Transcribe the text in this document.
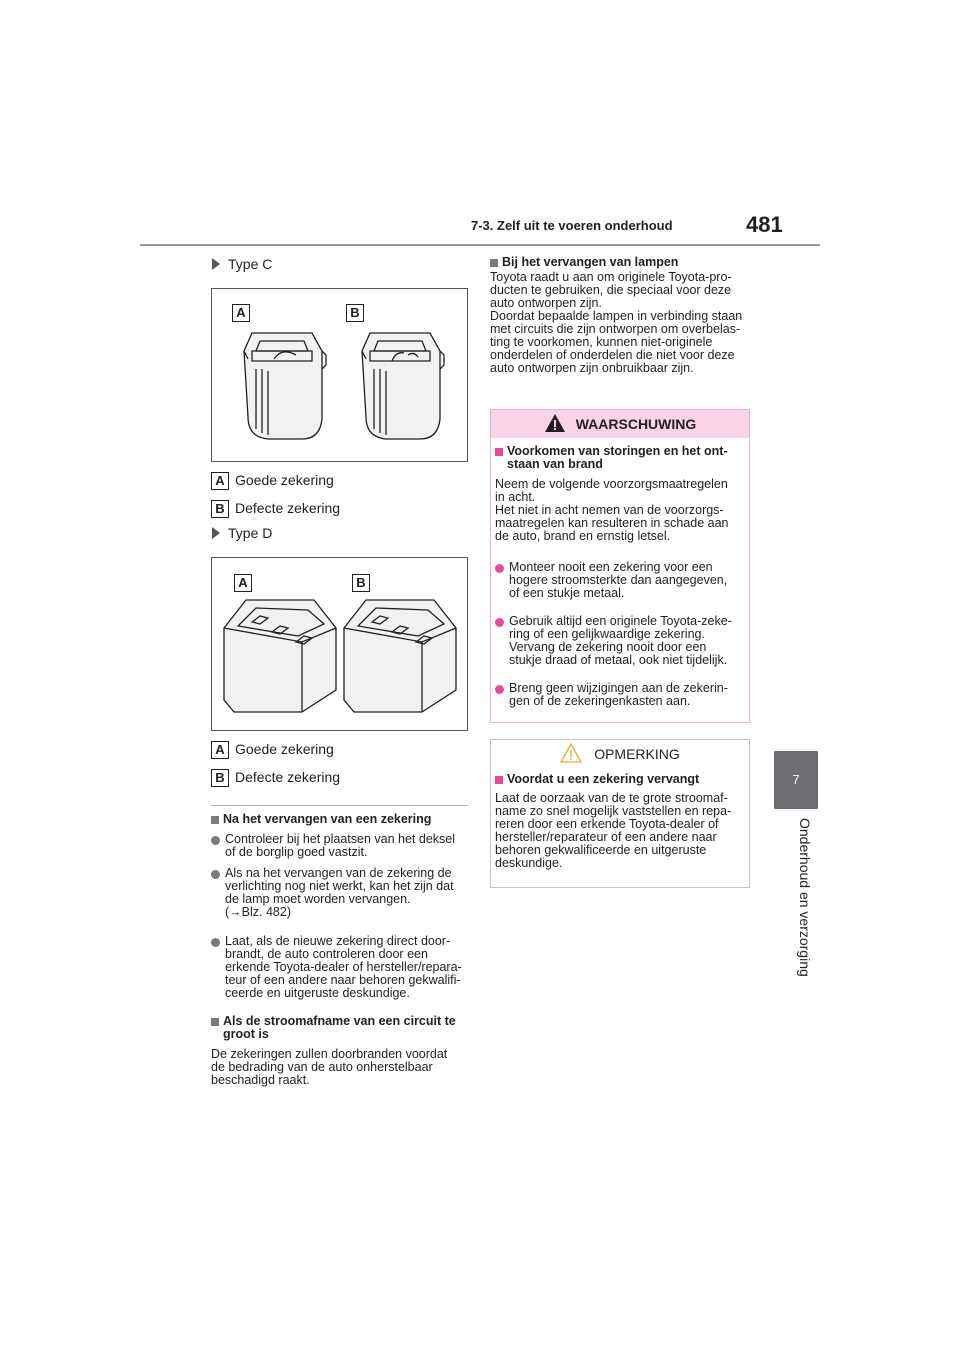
7-3. Zelf uit te voeren onderhoud	481
7
Onderhoud en verzorging
Type C
A	B
A Goede zekering
B Defecte zekering
Type D
A	B
A Goede zekering
B Defecte zekering
Na het vervangen van een zekering
Controleer bij het plaatsen van het deksel
of de borglip goed vastzit.
Als na het vervangen van de zekering de
verlichting nog niet werkt, kan het zijn dat
de lamp moet worden vervangen.
(→Blz. 482)
Laat, als de nieuwe zekering direct door-
brandt, de auto controleren door een
erkende Toyota-dealer of hersteller/repara-
teur of een andere naar behoren gekwalifi-
ceerde en uitgeruste deskundige.
Als de stroomafname van een circuit te
groot is
De zekeringen zullen doorbranden voordat
de bedrading van de auto onherstelbaar
beschadigd raakt.
Bij het vervangen van lampen
Toyota raadt u aan om originele Toyota-pro-
ducten te gebruiken, die speciaal voor deze
auto ontworpen zijn.
Doordat bepaalde lampen in verbinding staan
met circuits die zijn ontworpen om overbelas-
ting te voorkomen, kunnen niet-originele
onderdelen of onderdelen die niet voor deze
auto ontworpen zijn onbruikbaar zijn.
WAARSCHUWING
Voorkomen van storingen en het ont-
staan van brand
Neem de volgende voorzorgsmaatregelen
in acht.
Het niet in acht nemen van de voorzorgs-
maatregelen kan resulteren in schade aan
de auto, brand en ernstig letsel.
Monteer nooit een zekering voor een
hogere stroomsterkte dan aangegeven,
of een stukje metaal.
Gebruik altijd een originele Toyota-zeke-
ring of een gelijkwaardige zekering.
Vervang de zekering nooit door een
stukje draad of metaal, ook niet tijdelijk.
Breng geen wijzigingen aan de zekerin-
gen of de zekeringenkasten aan.
OPMERKING
Voordat u een zekering vervangt
Laat de oorzaak van de te grote stroomaf-
name zo snel mogelijk vaststellen en repa-
reren door een erkende Toyota-dealer of
hersteller/reparateur of een andere naar
behoren gekwalificeerde en uitgeruste
deskundige.
